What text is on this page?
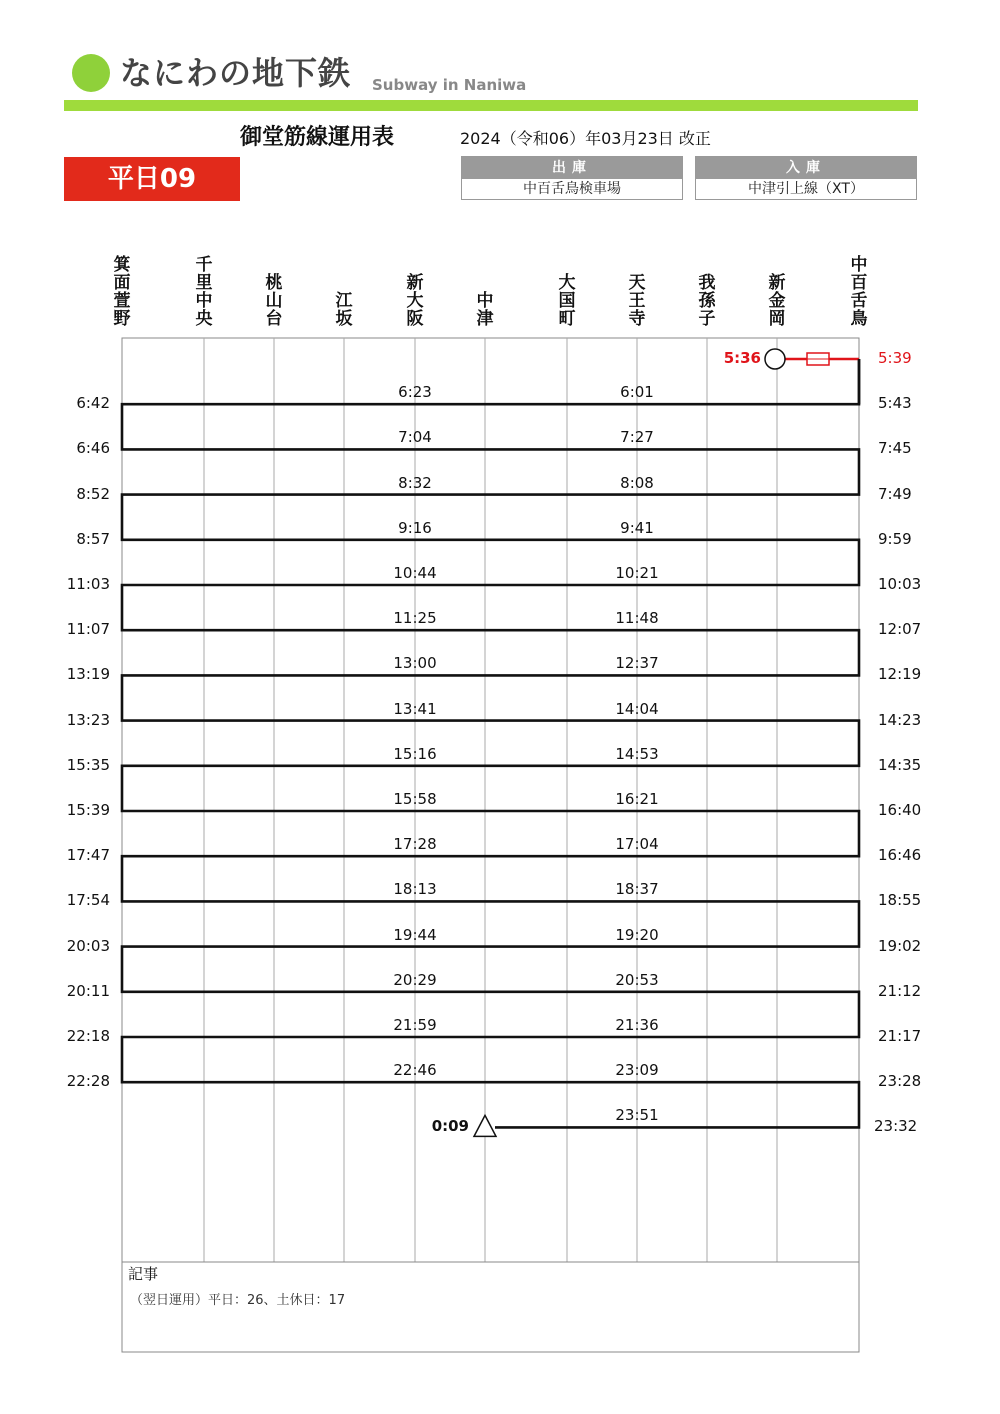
なにわの地下鉄 Subway in Naniwa
御堂筋線運用表	2024（令和06）年03月23日 改正
平日09	出庫
中百舌鳥検車場
入庫
中津引上線（XT）
箕
面
萱
野
千
里
中
央
桃
山
台
江
坂
新
大
阪
中
津
大
国
町
天
王
寺
我
孫
子
新
金
岡
中
百
舌
鳥
5:36	5:39
6:42	5:43
6:23	6:01
6:46	7:45
7:04	7:27
8:52	7:49
8:32	8:08
8:57	9:59
9:16	9:41
11:03	10:03
10:44	10:21
11:07	12:07
11:25	11:48
13:19	12:19
13:00	12:37
13:23	14:23
13:41	14:04
15:35	14:35
15:16	14:53
15:39	16:40
15:58	16:21
17:47	16:46
17:28	17:04
17:54	18:55
18:13	18:37
20:03	19:02
19:44	19:20
20:11	21:12
20:29	20:53
22:18	21:17
21:59	21:36
22:28	23:28
22:46	23:09
23:32
23:51
0:09
記事
（翌日運用）平日：26、土休日：17
